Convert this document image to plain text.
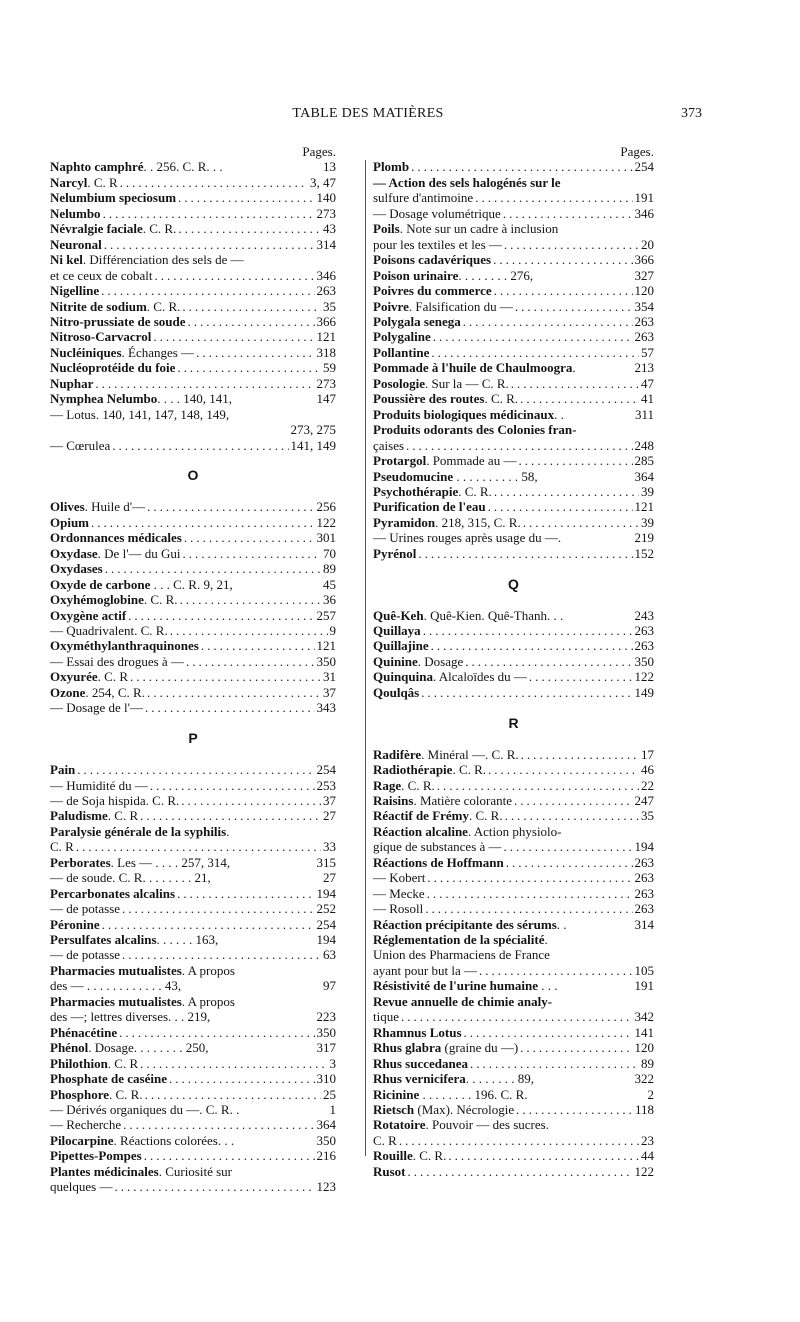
TABLE DES MATIÈRES	373
Pages.
Naphto camphré. . 256. C. R. . .	13
Narcyl. C. R .....	3, 47
Nelumbium speciosum .....	140
Nelumbo .....	273
Névralgie faciale. C. R. .....	43
Neuronal .....	314
Ni kel. Différenciation des sels de —
et ce ceux de cobalt .....	346
Nigelline .....	263
Nitrite de sodium. C. R. .....	35
Nitro-prussiate de soude .....	366
Nitroso-Carvacrol .....	121
Nucléiniques. Échanges — .....	318
Nucléoprotéide du foie .....	59
Nuphar .....	273
Nymphea Nelumbo. . . . 140, 141,	147
— Lotus. 140, 141, 147, 148, 149,
273, 275
— Cœrulea .....	141, 149
O
Olives. Huile d'— .....	256
Opium .....	122
Ordonnances médicales .....	301
Oxydase. De l'— du Gui .....	70
Oxydases .....	89
Oxyde de carbone . . . C. R. 9, 21,	45
Oxyhémoglobine. C. R. .....	36
Oxygène actif .....	257
— Quadrivalent. C. R. .....	9
Oxyméthylanthraquinones .....	121
— Essai des drogues à — .....	350
Oxyurée. C. R .....	31
Ozone. 254, C. R. .....	37
— Dosage de l'— .....	343
P
Pain .....	254
— Humidité du — .....	253
— de Soja hispida. C. R. .....	37
Paludisme. C. R .....	27
Paralysie générale de la syphilis.
C. R .....	33
Perborates. Les — . . . . 257, 314,	315
— de soude. C. R. . . . . . . . 21,	27
Percarbonates alcalins .....	194
— de potasse .....	252
Péronine .....	254
Persulfates alcalins. . . . . . 163,	194
— de potasse .....	63
Pharmacies mutualistes. A propos
des — . . . . . . . . . . . . 43,	97
Pharmacies mutualistes. A propos
des —; lettres diverses. . . 219,	223
Phénacétine .....	350
Phénol. Dosage. . . . . . . . 250,	317
Philothion. C. R .....	3
Phosphate de caséine .....	310
Phosphore. C. R. .....	25
— Dérivés organiques du —. C. R. .	1
— Recherche .....	364
Pilocarpine. Réactions colorées. . .	350
Pipettes-Pompes .....	216
Plantes médicinales. Curiosité sur
quelques — .....	123
Pages.
Plomb .....	254
— Action des sels halogénés sur le
sulfure d'antimoine .....	191
— Dosage volumétrique .....	346
Poils. Note sur un cadre à inclusion
pour les textiles et les — .....	20
Poisons cadavériques .....	366
Poison urinaire. . . . . . . . 276,	327
Poivres du commerce .....	120
Poivre. Falsification du — .....	354
Polygala senega .....	263
Polygaline .....	263
Pollantine .....	57
Pommade à l'huile de Chaulmoogra.	213
Posologie. Sur la — C. R. .....	47
Poussière des routes. C. R. .....	41
Produits biologiques médicinaux. .	311
Produits odorants des Colonies fran-
çaises .....	248
Protargol. Pommade au — .....	285
Pseudomucine . . . . . . . . . . 58,	364
Psychothérapie. C. R. .....	39
Purification de l'eau .....	121
Pyramidon. 218, 315, C. R. .....	39
— Urines rouges après usage du —.	219
Pyrénol .....	152
Q
Quê-Keh. Quê-Kien. Quê-Thanh. . .	243
Quillaya .....	263
Quillajine .....	263
Quinine. Dosage .....	350
Quinquina. Alcaloïdes du — .....	122
Qoulqâs .....	149
R
Radifère. Minéral —. C. R. .....	17
Radiothérapie. C. R. .....	46
Rage. C. R. .....	22
Raisins. Matière colorante .....	247
Réactif de Frémy. C. R. .....	35
Réaction alcaline. Action physiolo-
gique de substances à — .....	194
Réactions de Hoffmann .....	263
— Kobert .....	263
— Mecke .....	263
— Rosoll .....	263
Réaction précipitante des sérums. .	314
Réglementation de la spécialité.
Union des Pharmaciens de France
ayant pour but la — .....	105
Résistivité de l'urine humaine . . .	191
Revue annuelle de chimie analy-
tique .....	342
Rhamnus Lotus .....	141
Rhus glabra (graine du —) .....	120
Rhus succedanea .....	89
Rhus vernicifera. . . . . . . . 89,	322
Ricinine . . . . . . . . 196. C. R.	2
Rietsch (Max). Nécrologie .....	118
Rotatoire. Pouvoir — des sucres.
C. R .....	23
Rouille. C. R. .....	44
Rusot .....	122
